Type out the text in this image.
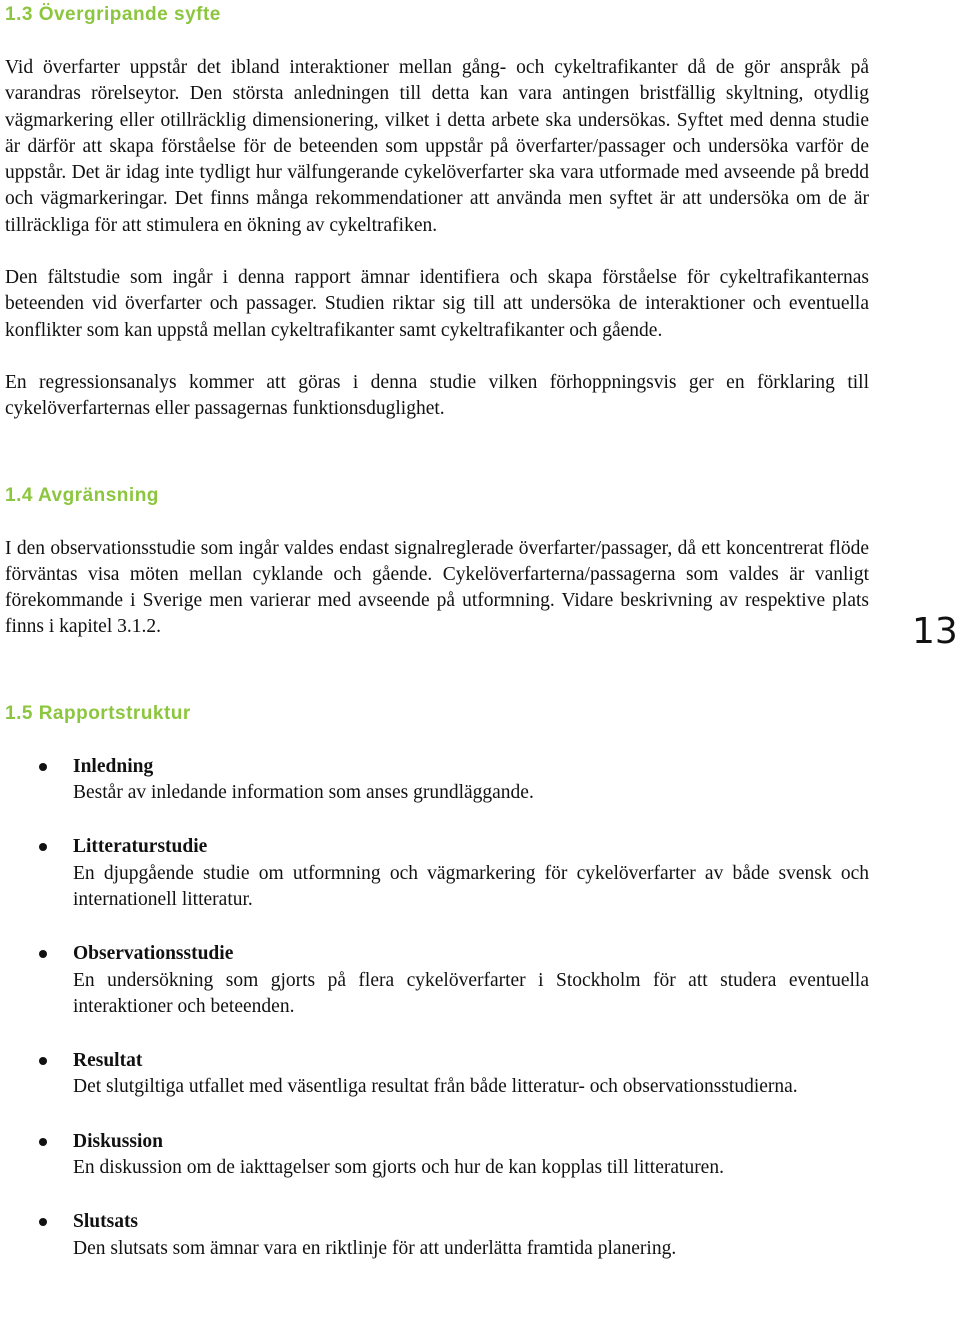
1.3 Övergripande syfte

Vid överfarter uppstår det ibland interaktioner mellan gång- och cykeltrafikanter då de gör anspråk på varandras rörelseytor. Den största anledningen till detta kan vara antingen bristfällig skyltning, otydlig vägmarkering eller otillräcklig dimensionering, vilket i detta arbete ska undersökas. Syftet med denna studie är därför att skapa förståelse för de beteenden som uppstår på överfarter/passager och undersöka varför de uppstår. Det är idag inte tydligt hur välfungerande cykelöverfarter ska vara utformade med avseende på bredd och vägmarkeringar. Det finns många rekommendationer att använda men syftet är att undersöka om de är tillräckliga för att stimulera en ökning av cykeltrafiken.

Den fältstudie som ingår i denna rapport ämnar identifiera och skapa förståelse för cykeltrafikanternas beteenden vid överfarter och passager. Studien riktar sig till att undersöka de interaktioner och eventuella konflikter som kan uppstå mellan cykeltrafikanter samt cykeltrafikanter och gående.

En regressionsanalys kommer att göras i denna studie vilken förhoppningsvis ger en förklaring till cykelöverfarternas eller passagernas funktionsduglighet.

1.4 Avgränsning

I den observationsstudie som ingår valdes endast signalreglerade överfarter/passager, då ett koncentrerat flöde förväntas visa möten mellan cyklande och gående. Cykelöverfarterna/passagerna som valdes är vanligt förekommande i Sverige men varierar med avseende på utformning. Vidare beskrivning av respektive plats finns i kapitel 3.1.2.

1.5 Rapportstruktur
Inledning
Består av inledande information som anses grundläggande.
Litteraturstudie
En djupgående studie om utformning och vägmarkering för cykelöverfarter av både svensk och internationell litteratur.
Observationsstudie
En undersökning som gjorts på flera cykelöverfarter i Stockholm för att studera eventuella interaktioner och beteenden.
Resultat
Det slutgiltiga utfallet med väsentliga resultat från både litteratur- och observationsstudierna.
Diskussion
En diskussion om de iakttagelser som gjorts och hur de kan kopplas till litteraturen.
Slutsats
Den slutsats som ämnar vara en riktlinje för att underlätta framtida planering.
13
